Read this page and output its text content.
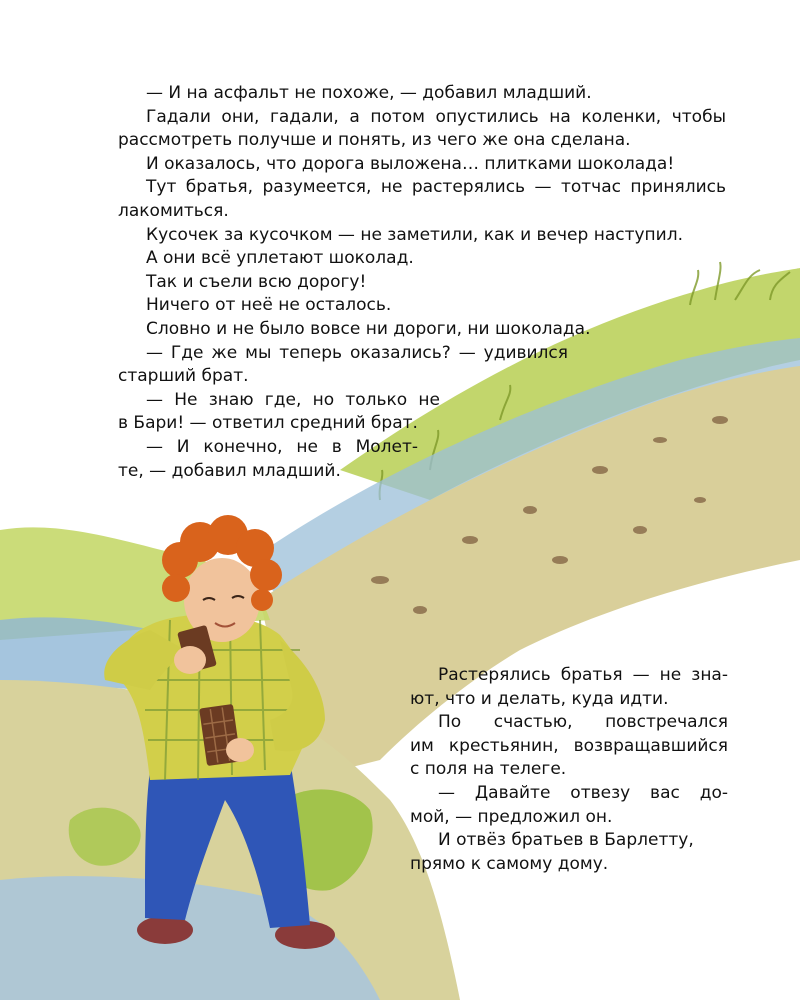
— И на асфальт не похоже, — добавил младший.

Гадали они, гадали, а потом опустились на коленки, чтобы рассмотреть получше и понять, из чего же она сделана.

И оказалось, что дорога выложена… плитками шоколада!

Тут братья, разумеется, не растерялись — тотчас принялись лакомиться.

Кусочек за кусочком — не заметили, как и вечер наступил.

А они всё уплетают шоколад.

Так и съели всю дорогу!

Ничего от неё не осталось.

Словно и не было вовсе ни дороги, ни шоколада.

— Где же мы теперь оказались? — удивился

старший брат.

— Не знаю где, но только не

в Бари! — ответил средний брат.

— И конечно, не в Молет-

те, — добавил младший.

Растерялись братья — не зна-

ют, что и делать, куда идти.

По счастью, повстречался

им крестьянин, возвращавшийся

с поля на телеге.

— Давайте отвезу вас до-

мой, — предложил он.

И отвёз братьев в Барлетту,

прямо к самому дому.
